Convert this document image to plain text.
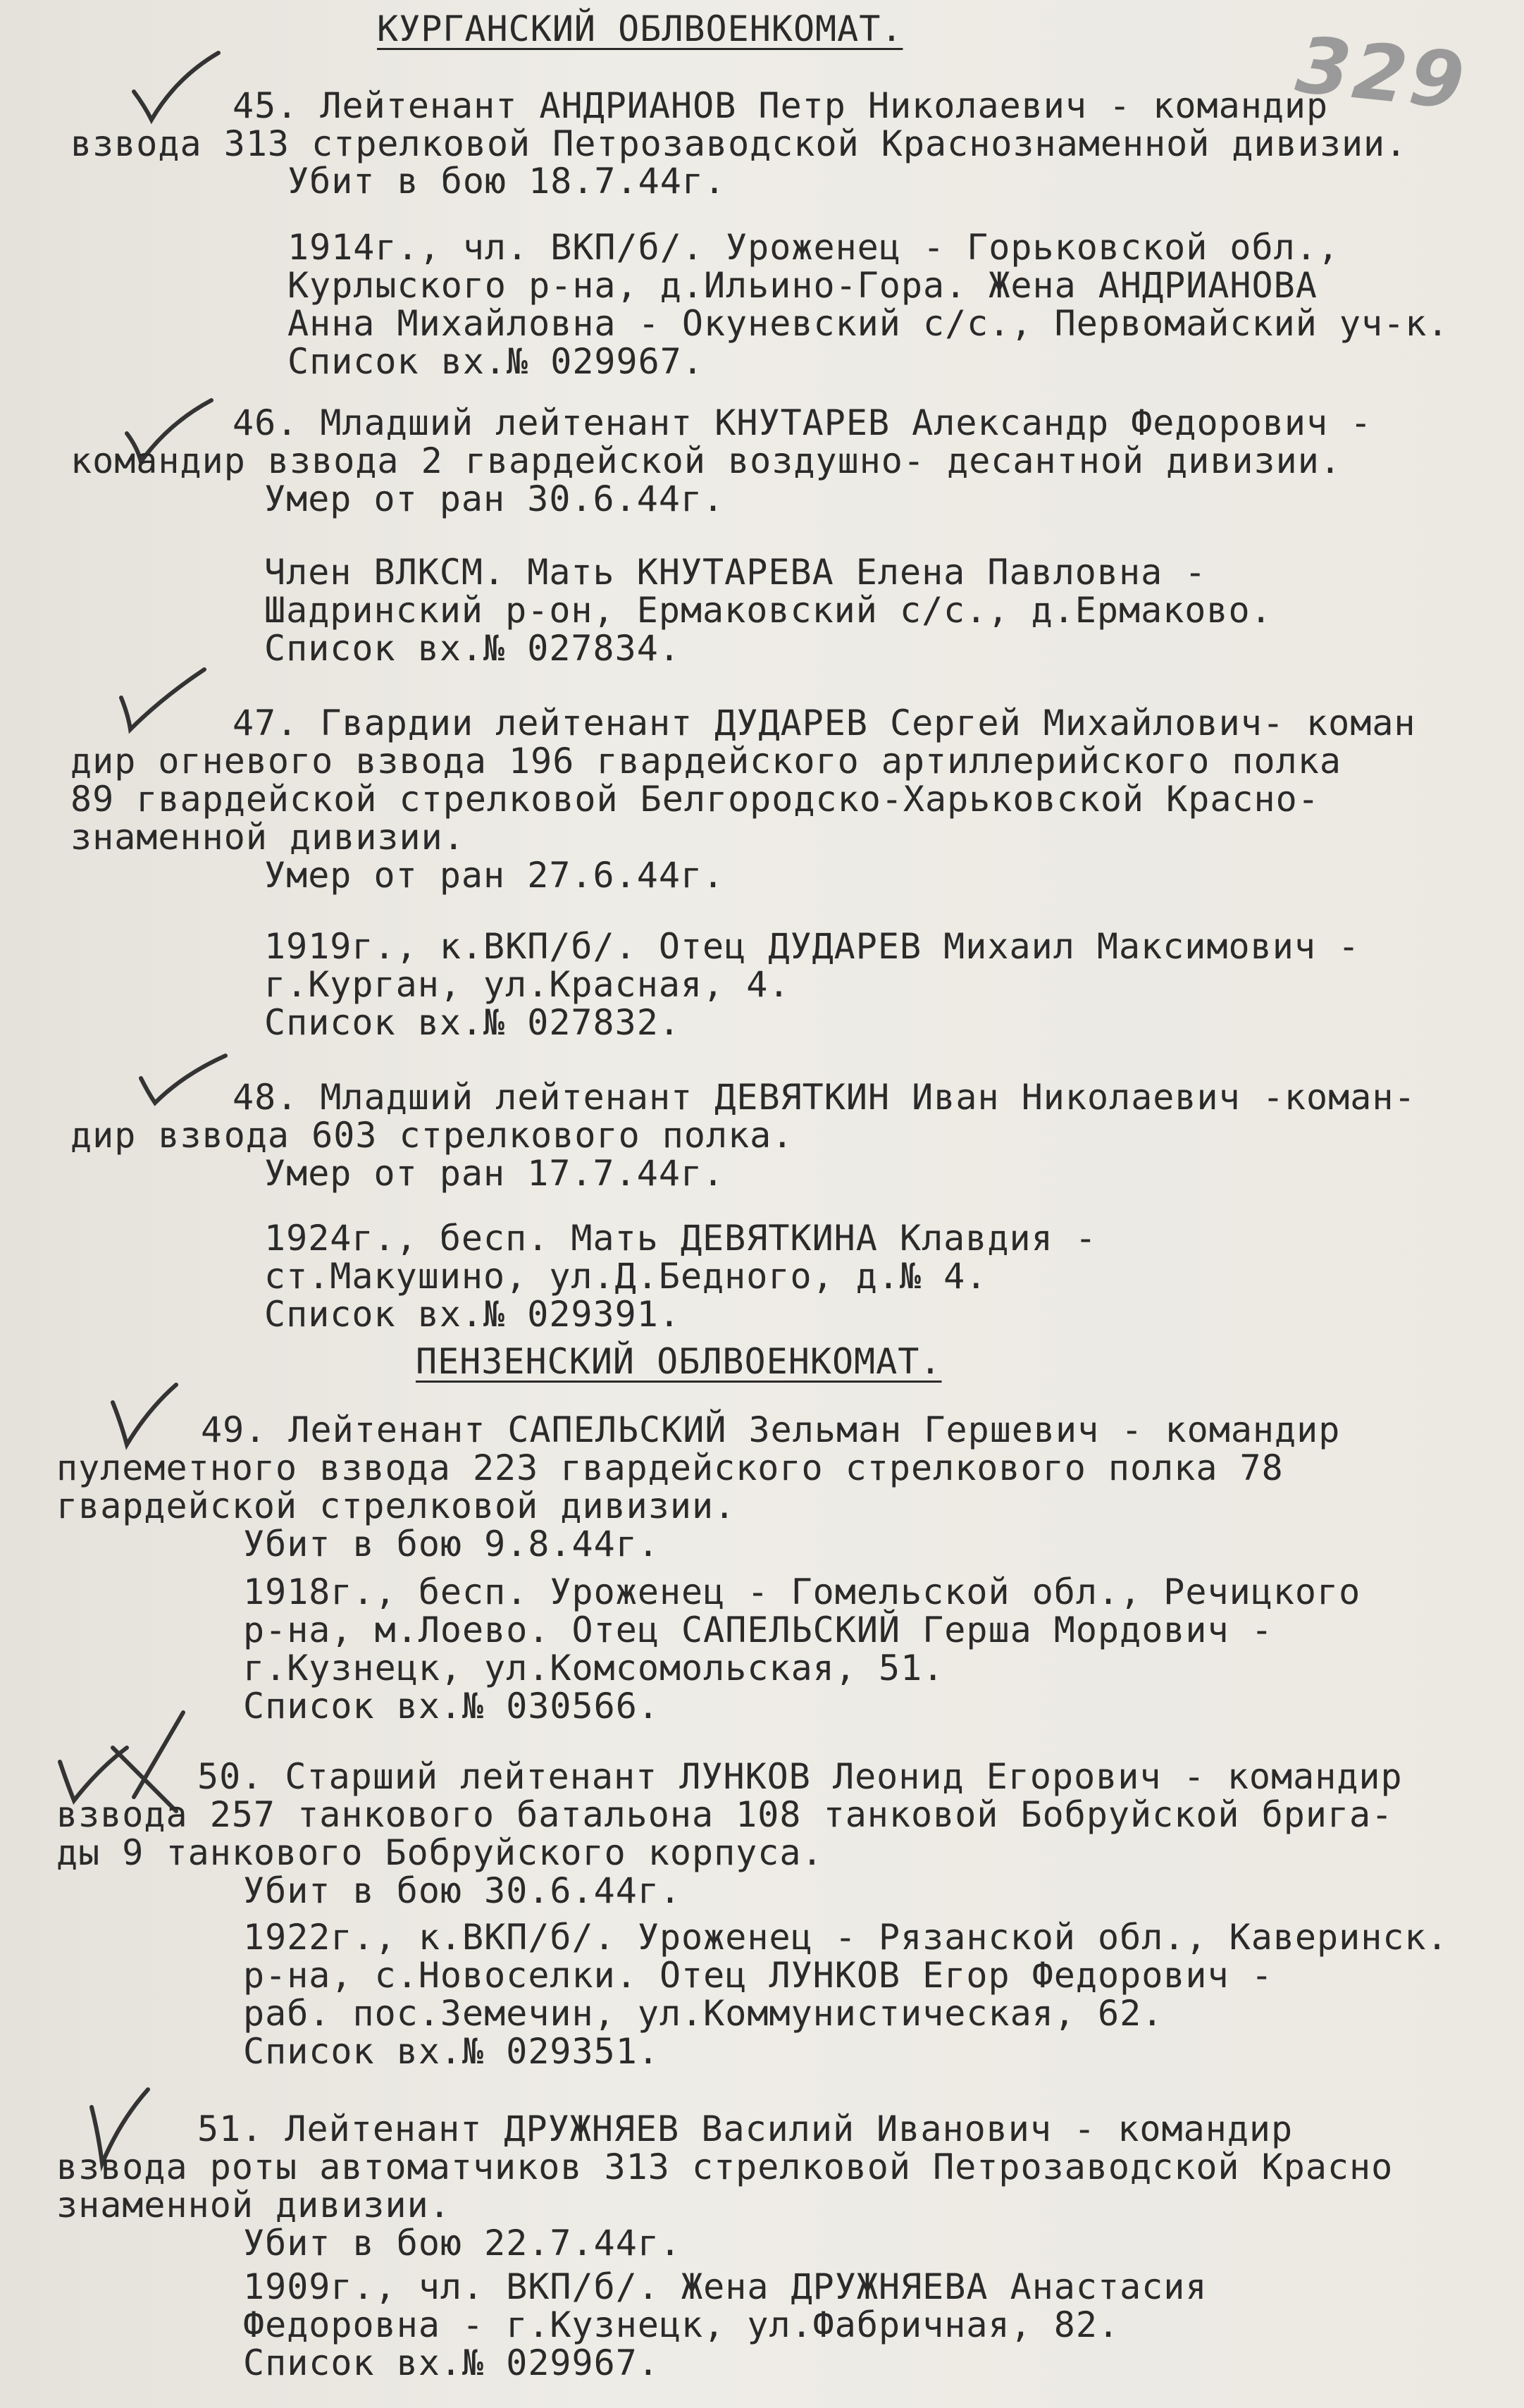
329
КУРГАНСКИЙ ОБЛВОЕНКОМАТ.
45. Лейтенант АНДРИАНОВ Петр Николаевич - командир
взвода 313 стрелковой Петрозаводской Краснознаменной дивизии.
Убит в бою 18.7.44г.
1914г., чл. ВКП/б/. Уроженец - Горьковской обл.,
Курлыского р-на, д.Ильино-Гора. Жена АНДРИАНОВА
Анна Михайловна - Окуневский с/с., Первомайский уч-к.
Список вх.№ 029967.
46. Младший лейтенант КНУТАРЕВ Александр Федорович -
командир взвода 2 гвардейской воздушно- десантной дивизии.
Умер от ран 30.6.44г.
Член ВЛКСМ. Мать КНУТАРЕВА Елена Павловна -
Шадринский р-он, Ермаковский с/с., д.Ермаково.
Список вх.№ 027834.
47. Гвардии лейтенант ДУДАРЕВ Сергей Михайлович- коман
дир огневого взвода 196 гвардейского артиллерийского полка
89 гвардейской стрелковой Белгородско-Харьковской Красно-
знаменной дивизии.
Умер от ран 27.6.44г.
1919г., к.ВКП/б/. Отец ДУДАРЕВ Михаил Максимович -
г.Курган, ул.Красная, 4.
Список вх.№ 027832.
48. Младший лейтенант ДЕВЯТКИН Иван Николаевич -коман-
дир взвода 603 стрелкового полка.
Умер от ран 17.7.44г.
1924г., бесп. Мать ДЕВЯТКИНА Клавдия -
ст.Макушино, ул.Д.Бедного, д.№ 4.
Список вх.№ 029391.
ПЕНЗЕНСКИЙ ОБЛВОЕНКОМАТ.
49. Лейтенант САПЕЛЬСКИЙ Зельман Гершевич - командир
пулеметного взвода 223 гвардейского стрелкового полка 78
гвардейской стрелковой дивизии.
Убит в бою 9.8.44г.
1918г., бесп. Уроженец - Гомельской обл., Речицкого
р-на, м.Лоево. Отец САПЕЛЬСКИЙ Герша Мордович -
г.Кузнецк, ул.Комсомольская, 51.
Список вх.№ 030566.
50. Старший лейтенант ЛУНКОВ Леонид Егорович - командир
взвода 257 танкового батальона 108 танковой Бобруйской брига-
ды 9 танкового Бобруйского корпуса.
Убит в бою 30.6.44г.
1922г., к.ВКП/б/. Уроженец - Рязанской обл., Каверинск.
р-на, с.Новоселки. Отец ЛУНКОВ Егор Федорович -
раб. пос.Земечин, ул.Коммунистическая, 62.
Список вх.№ 029351.
51. Лейтенант ДРУЖНЯЕВ Василий Иванович - командир
взвода роты автоматчиков 313 стрелковой Петрозаводской Красно
знаменной дивизии.
Убит в бою 22.7.44г.
1909г., чл. ВКП/б/. Жена ДРУЖНЯЕВА Анастасия
Федоровна - г.Кузнецк, ул.Фабричная, 82.
Список вх.№ 029967.
